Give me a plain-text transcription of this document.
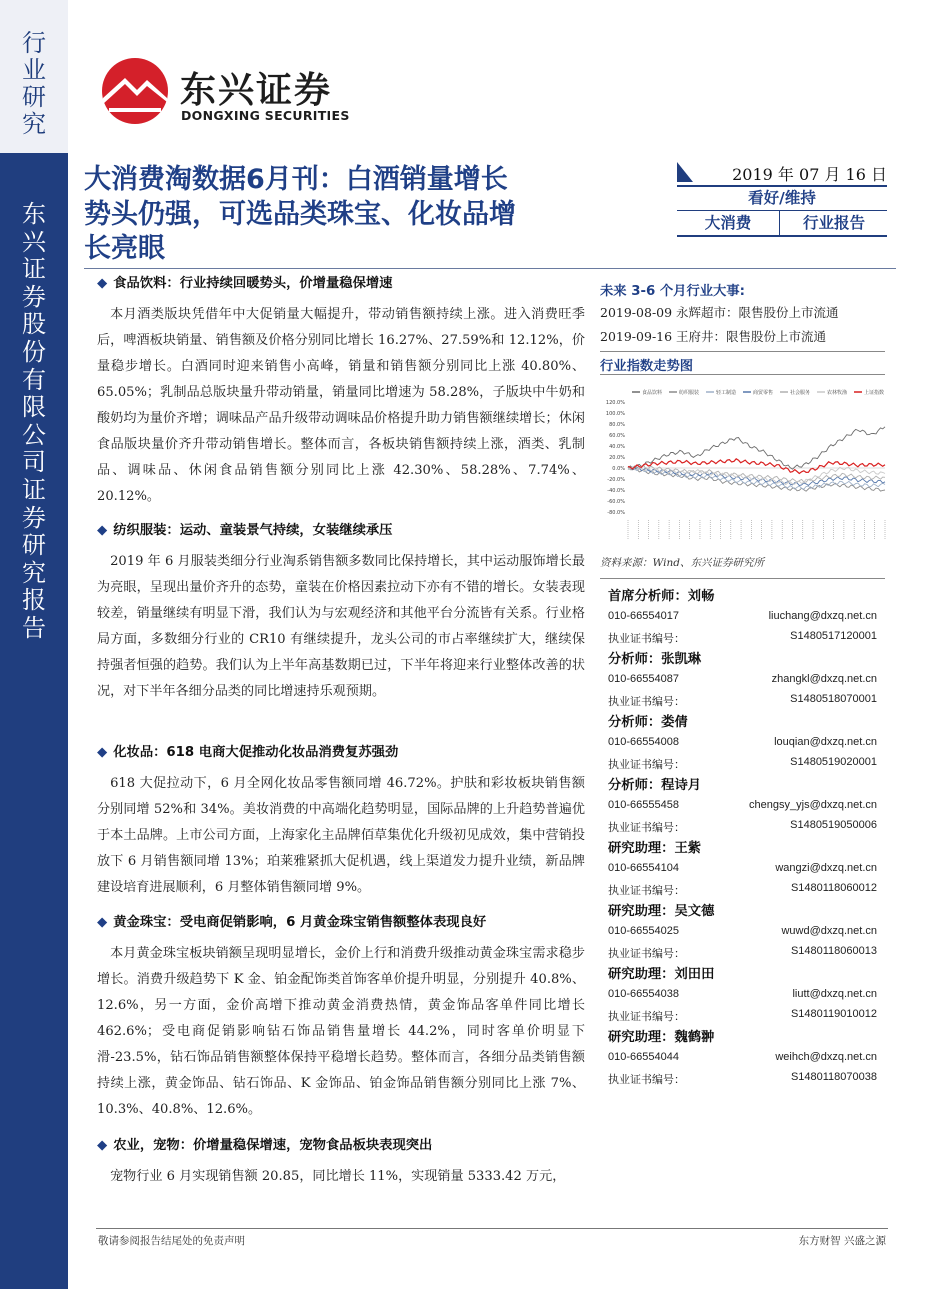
行
业
研
究
东
兴
证
券
股
份
有
限
公
司
证
券
研
究
报
告
东兴证券
DONGXING SECURITIES
大消费淘数据6月刊：白酒销量增长
势头仍强，可选品类珠宝、化妆品增
长亮眼
2019 年 07 月 16 日
看好/维持
大消费	行业报告

◆ 食品饮料：行业持续回暖势头，价增量稳保增速

本月酒类版块凭借年中大促销量大幅提升，带动销售额持续上涨。进入消费旺季后，啤酒板块销量、销售额及价格分别同比增长 16.27%、27.59%和 12.12%，价量稳步增长。白酒同时迎来销售小高峰，销量和销售额分别同比上涨 40.80%、65.05%；乳制品总版块量升带动销量，销量同比增速为 58.28%，子版块中牛奶和酸奶均为量价齐增；调味品产品升级带动调味品价格提升助力销售额继续增长；休闲食品版块量价齐升带动销售增长。整体而言，各板块销售额持续上涨，酒类、乳制品、调味品、休闲食品销售额分别同比上涨 42.30%、58.28%、7.74%、20.12%。

◆ 纺织服装：运动、童装景气持续，女装继续承压

2019 年 6 月服装类细分行业淘系销售额多数同比保持增长，其中运动服饰增长最为亮眼，呈现出量价齐升的态势，童装在价格因素拉动下亦有不错的增长。女装表现较差，销量继续有明显下滑，我们认为与宏观经济和其他平台分流皆有关系。行业格局方面，多数细分行业的 CR10 有继续提升，龙头公司的市占率继续扩大，继续保持强者恒强的趋势。我们认为上半年高基数期已过，下半年将迎来行业整体改善的状况，对下半年各细分品类的同比增速持乐观预期。

◆ 化妆品：618 电商大促推动化妆品消费复苏强劲

618 大促拉动下，6 月全网化妆品零售额同增 46.72%。护肤和彩妆板块销售额分别同增 52%和 34%。美妆消费的中高端化趋势明显，国际品牌的上升趋势普遍优于本土品牌。上市公司方面，上海家化主品牌佰草集优化升级初见成效，集中营销投放下 6 月销售额同增 13%；珀莱雅紧抓大促机遇，线上渠道发力提升业绩，新品牌建设培育进展顺利，6 月整体销售额同增 9%。

◆ 黄金珠宝：受电商促销影响，6 月黄金珠宝销售额整体表现良好

本月黄金珠宝板块销额呈现明显增长，金价上行和消费升级推动黄金珠宝需求稳步增长。消费升级趋势下 K 金、铂金配饰类首饰客单价提升明显，分别提升 40.8%、12.6%，另一方面，金价高增下推动黄金消费热情，黄金饰品客单件同比增长 462.6%；受电商促销影响钻石饰品销售量增长 44.2%，同时客单价明显下滑-23.5%，钻石饰品销售额整体保持平稳增长趋势。整体而言，各细分品类销售额持续上涨，黄金饰品、钻石饰品、K 金饰品、铂金饰品销售额分别同比上涨 7%、10.3%、40.8%、12.6%。

◆ 农业，宠物：价增量稳保增速，宠物食品板块表现突出

宠物行业 6 月实现销售额 20.85，同比增长 11%，实现销量 5333.42 万元，

未来 3-6 个月行业大事:
2019-08-09 永辉超市：限售股份上市流通
2019-09-16 王府井：限售股份上市流通
行业指数走势图
食品饮料	纺织服装	轻工制造	商贸零售	社会服务	农林牧渔	上证指数
120.0%
100.0%
80.0%
60.0%
40.0%
20.0%
0.0%
-20.0%
-40.0%
-60.0%
-80.0%
资料来源：Wind、东兴证券研究所
首席分析师：刘畅
010-66554017	liuchang@dxzq.net.cn
执业证书编号：	S1480517120001
分析师：张凯琳
010-66554087	zhangkl@dxzq.net.cn
执业证书编号：	S1480518070001
分析师：娄倩
010-66554008	louqian@dxzq.net.cn
执业证书编号：	S1480519020001
分析师：程诗月
010-66555458	chengsy_yjs@dxzq.net.cn
执业证书编号：	S1480519050006
研究助理：王紫
010-66554104	wangzi@dxzq.net.cn
执业证书编号：	S1480118060012
研究助理：吴文德
010-66554025	wuwd@dxzq.net.cn
执业证书编号：	S1480118060013
研究助理：刘田田
010-66554038	liutt@dxzq.net.cn
执业证书编号：	S1480119010012
研究助理：魏鹤翀
010-66554044	weihch@dxzq.net.cn
执业证书编号：	S1480118070038
敬请参阅报告结尾处的免责声明	东方财智 兴盛之源
